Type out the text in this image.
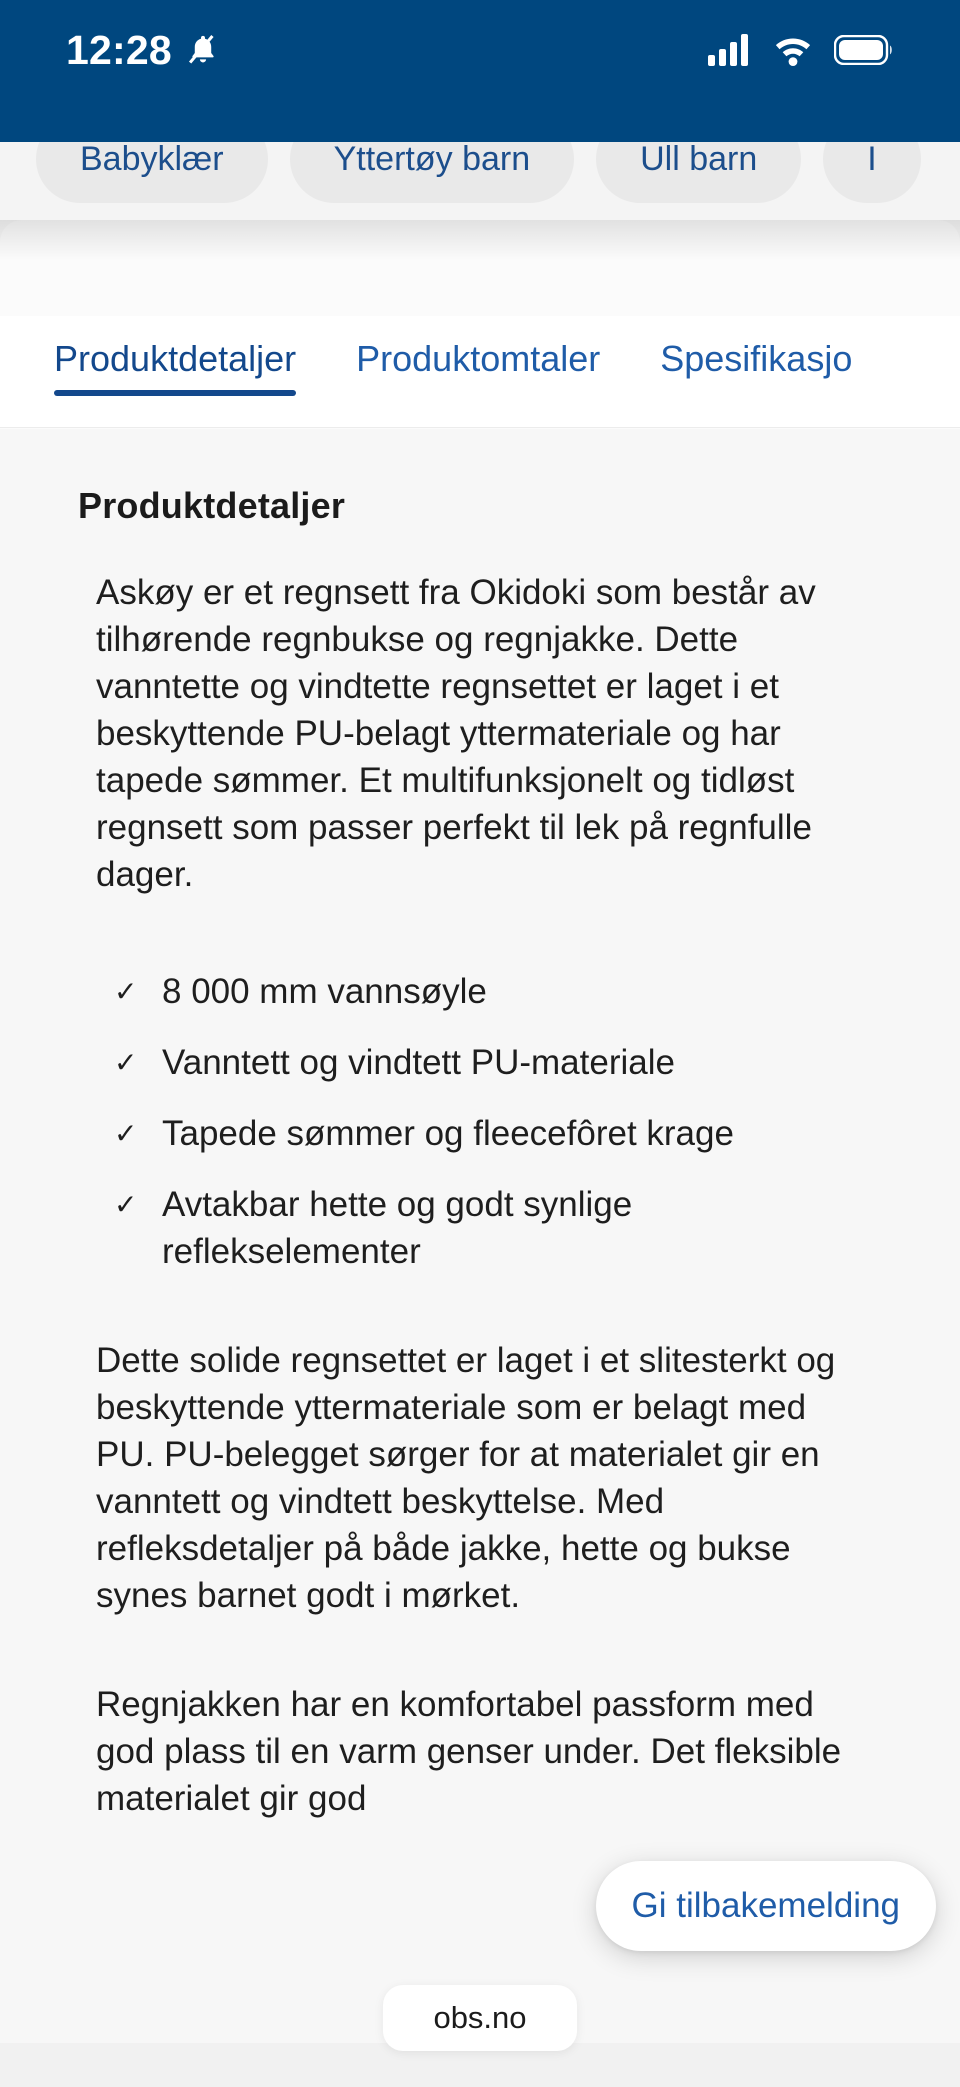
12:28
Babyklær	Yttertøy barn	Ull barn	I
Produktdetaljer Produktomtaler Spesifikasjo
Produktdetaljer

Askøy er et regnsett fra Okidoki som består av tilhørende regnbukse og regnjakke. Dette vanntette og vindtette regnsettet er laget i et beskyttende PU-belagt yttermateriale og har tapede sømmer. Et multifunksjonelt og tidløst regnsett som passer perfekt til lek på regnfulle dager.

✓ 8 000 mm vannsøyle
✓ Vanntett og vindtett PU-materiale
✓ Tapede sømmer og fleecefôret krage
✓ Avtakbar hette og godt synlige reflekselementer

Dette solide regnsettet er laget i et slitesterkt og beskyttende yttermateriale som er belagt med PU. PU-belegget sørger for at materialet gir en vanntett og vindtett beskyttelse. Med refleksdetaljer på både jakke, hette og bukse synes barnet godt i mørket.

Regnjakken har en komfortabel passform med god plass til en varm genser under. Det fleksible materialet gir god

Gi tilbakemelding
obs.no
